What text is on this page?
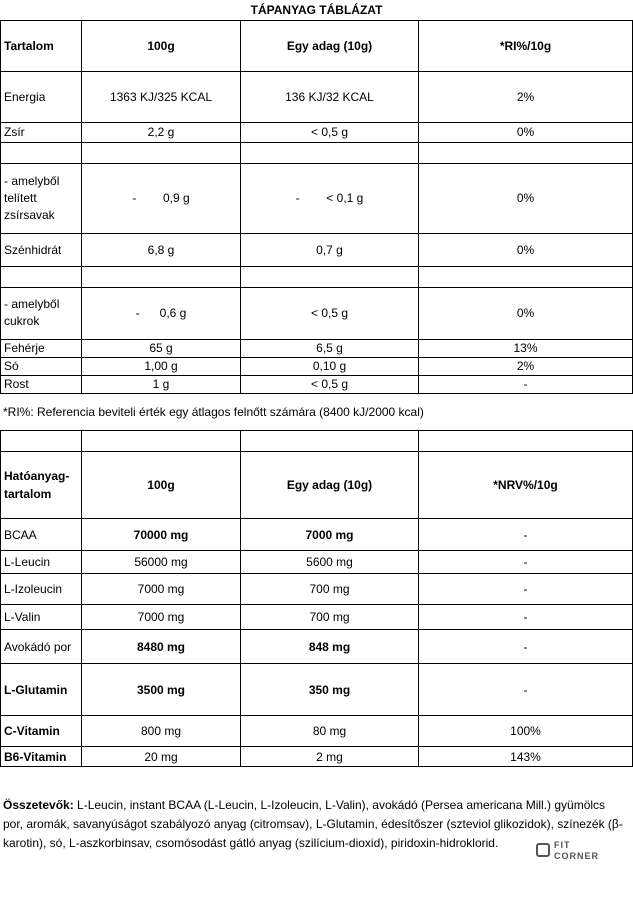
TÁPANYAG TÁBLÁZAT			
Tartalom	100g	Egy adag (10g)	*RI%/10g
Energia	1363 KJ/325 KCAL	136 KJ/32 KCAL	2%
Zsír	2,2 g	< 0,5 g	0%

- amelyből telített zsírsavak	-        0,9 g	-        < 0,1 g	0%
Szénhidrát	6,8 g	0,7 g	0%

- amelyből cukrok	-      0,6 g	< 0,5 g	0%
Fehérje	65 g	6,5 g	13%
Só	1,00 g	0,10 g	2%
Rost	1 g	< 0,5 g	-
*RI%: Referencia beviteli érték egy átlagos felnőtt számára (8400 kJ/2000 kcal)

Hatóanyag-tartalom	100g	Egy adag (10g)	*NRV%/10g
BCAA	70000 mg	7000 mg	-
L-Leucin	56000 mg	5600 mg	-
L-Izoleucin	7000 mg	700 mg	-
L-Valin	7000 mg	700 mg	-
Avokádó por	8480 mg	848 mg	-
L-Glutamin	3500 mg	350 mg	-
C-Vitamin	800 mg	80 mg	100%
B6-Vitamin	20 mg	2 mg	143%
Összetevők: L-Leucin, instant BCAA (L-Leucin, L-Izoleucin, L-Valin), avokádó (Persea americana Mill.) gyümölcs por, aromák, savanyúságot szabályozó anyag (citromsav), L-Glutamin, édesítőszer (szteviol glikozidok), színezék (β-karotin), só, L-aszkorbinsav, csomósodást gátló anyag (szilícium-dioxid), piridoxin-hidroklorid.	FIT
CORNER
